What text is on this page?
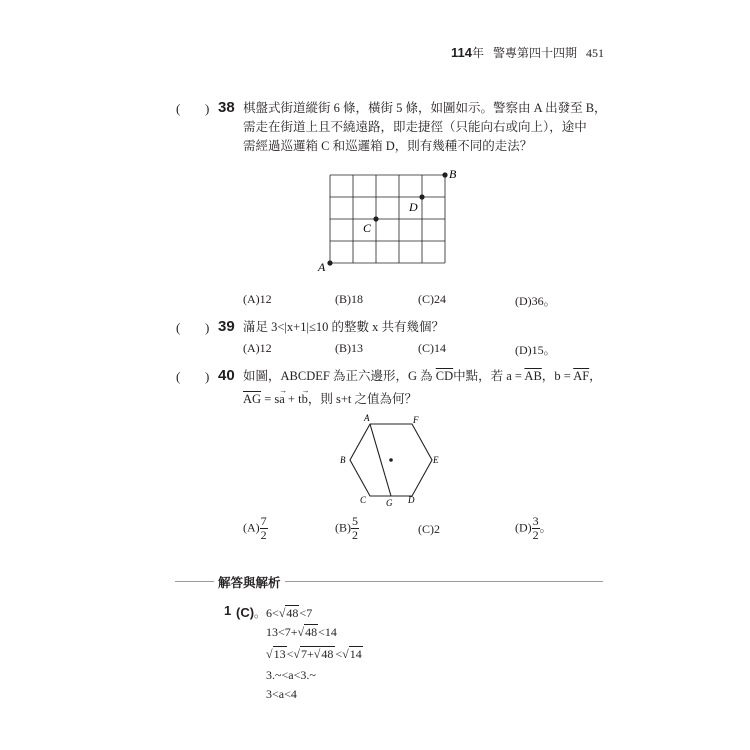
114年 警專第四十四期 451
( ) 38 棋盤式街道縱街 6 條，橫街 5 條，如圖如示。警察由 A 出發至 B，
需走在街道上且不繞遠路，即走捷徑（只能向右或向上），途中
需經過巡邏箱 C 和巡邏箱 D，則有幾種不同的走法？
A
B
C
D
(A)12	(B)18	(C)24	(D)36。
( ) 39 滿足 3<|x+1|≤10 的整數 x 共有幾個？
(A)12	(B)13	(C)14	(D)15。
( ) 40 如圖，ABCDEF 為正六邊形，G 為 $\overline{CD}$中點，若 $a = \overline{AB}$，$b = \overline{AF}$，
$\overline{AG} = s\to a + t\to b$，則 s+t 之值為何？
A	F
B	E
C G D
$(A) \frac{7}{2}$	$(B) \frac{5}{2}$	(C)2	$(D) \frac{3}{2}$ 。
解答與解析
1 (C)。6<√48<7
13<7+√48<14
√13<√7+√48 <√14
3.~<a<3.~
3<a<4
